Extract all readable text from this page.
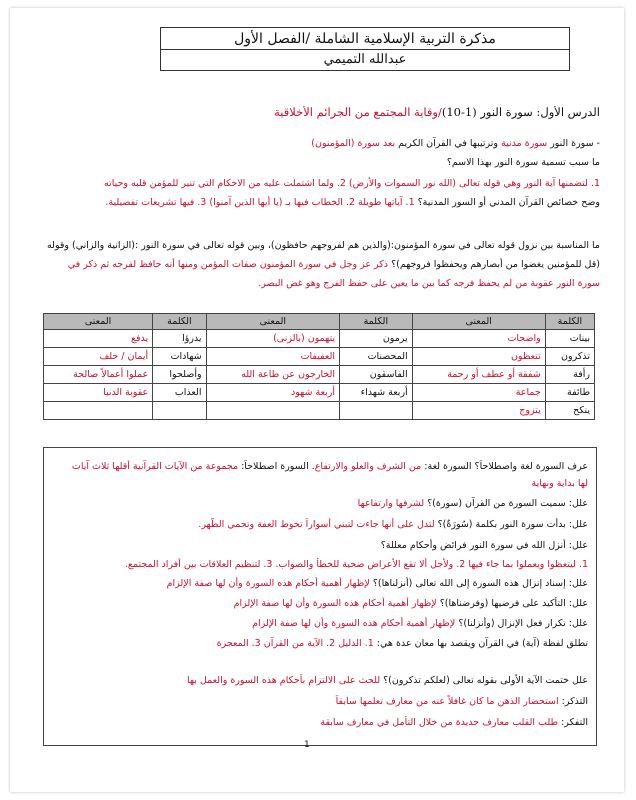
مذكرة التربية الإسلامية الشاملة /الفصل الأول
عبدالله التميمي
الدرس الأول: سورة النور (1-10)/وقاية المجتمع من الجرائم الأخلاقية
- سورة النور سورة مدنية وترتيبها في القرآن الكريم بعد سورة (المؤمنون)
ما سبب تسمية سورة النور بهذا الاسم؟
1. لتضمنها آية النور وهي قوله تعالى (الله نور السموات والأرض) 2. ولما اشتملت عليه من الاحكام التي تنير للمؤمن قلبه وحياته
وضح خصائص القرآن المدني أو السور المدنية؟ 1. آياتها طويلة 2. الخطاب فيها بـ (يا أيها الذين آمنوا) 3. فيها تشريعات تفصيلية.
ما المناسبة بين نزول قوله تعالى في سورة المؤمنون:(والذين هم لفروجهم حافظون)، وبين قوله تعالى في سورة النور :(الزانية والزاني) وقوله
(قل للمؤمنين يغضوا من أبصارهم ويحفظوا فروجهم)؟ ذكر عز وجل في سورة المؤمنون صفات المؤمن ومنها أنه حافظ لفرجه ثم ذكر في
سورة النور عقوبة من لم يحفظ فرجه كما بين ما يعين على حفظ الفرج وهو غض البصر.
الكلمة	المعنى	الكلمة	المعنى	الكلمة	المعنى
بينات	واضحات	يرمون	يتهمون (بالزنى)	يدرؤا	يدفع
تذكرون	تتعظون	المحصنات	العفيفات	شهادات	أيمان / حلف
رأفة	شفقة أو عطف أو رحمة	الفاسقون	الخارجون عن طاعة الله	وأصلحوا	عملوا أعمالاً صالحة
طائفة	جماعة	أربعة شهداء	أربعة شهود	العذاب	عقوبة الدنيا
ينكح	يتزوج				
عرف السورة لغة واصطلاحاً؟ السورة لغة: من الشرف والعلو والارتفاع. السورة اصطلاحاً: مجموعة من الآيات القرآنية أقلها ثلاث آيات
لها بداية ونهاية
علل: سميت السورة من القرآن (سورة)؟ لشرفها وارتفاعها
علل: بدأت سورة النور بكلمة (سُورَةٌ)؟ لتدل على أنها جاءت لتبني أسواراً تحوط العفة وتحمي الطُّهر.
علل: أنزل الله في سورة النور فرائض وأحكام معللة؟
1. ليتعظوا ويعملوا بما جاء فيها 2. ولأجل ألا تقع الأعراض ضحية للخطأ والصواب. 3. لتنظيم العلاقات بين أفراد المجتمع.
علل: إسناد إنزال هذه السورة إلى الله تعالى (أنزلناها)؟ لإظهار أهمية أحكام هذه السورة وأن لها صفة الإلزام
علل: التأكيد على فرضيها (وفرضناها)؟ لإظهار أهمية أحكام هذه السورة وأن لها صفة الإلزام
علل: تكرار فعل الإنزال (وأنزلنا)؟ لإظهار أهمية أحكام هذه السورة وأن لها صفة الإلزام
تطلق لفظة (آية) في القرآن ويقصد بها معان عدة هي: 1. الدليل 2. الآية من القرآن 3. المعجزة
علل ختمت الآية الأولى بقوله تعالى (لعلكم تذكرون)؟ للحث على الالتزام بأحكام هذه السورة والعمل بها
التذكر: استحضار الذهن ما كان غافلاً عنه من معارف تعلمها سابقاً
التفكر: طلب القلب معارف جديدة من خلال التأمل في معارف سابقة
1
